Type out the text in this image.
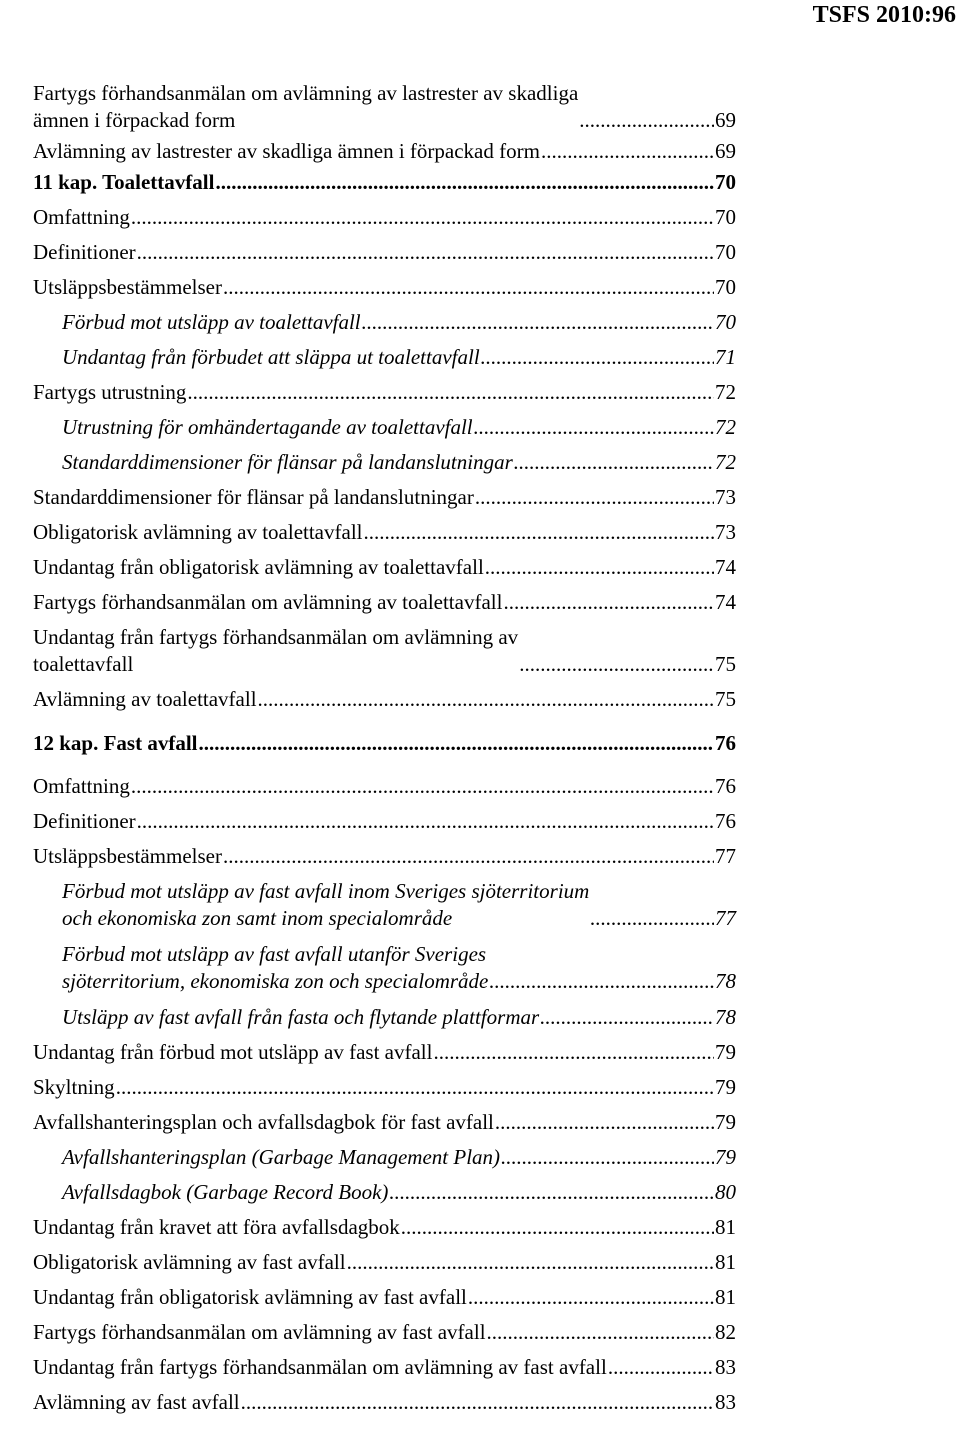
TSFS 2010:96
Fartygs förhandsanmälan om avlämning av lastrester av skadliga
ämnen i förpackad form .....	69
Avlämning av lastrester av skadliga ämnen i förpackad form .....	69
11 kap. Toalettavfall .....	70
Omfattning .....	70
Definitioner .....	70
Utsläppsbestämmelser .....	70
Förbud mot utsläpp av toalettavfall .....	70
Undantag från förbudet att släppa ut toalettavfall .....	71
Fartygs utrustning .....	72
Utrustning för omhändertagande av toalettavfall .....	72
Standarddimensioner för flänsar på landanslutningar .....	72
Standarddimensioner för flänsar på landanslutningar .....	73
Obligatorisk avlämning av toalettavfall .....	73
Undantag från obligatorisk avlämning av toalettavfall .....	74
Fartygs förhandsanmälan om avlämning av toalettavfall .....	74
Undantag från fartygs förhandsanmälan om avlämning av
toalettavfall .....	75
Avlämning av toalettavfall .....	75
12 kap. Fast avfall .....	76
Omfattning .....	76
Definitioner .....	76
Utsläppsbestämmelser .....	77
Förbud mot utsläpp av fast avfall inom Sveriges sjöterritorium
och ekonomiska zon samt inom specialområde .....	77
Förbud mot utsläpp av fast avfall utanför Sveriges
sjöterritorium, ekonomiska zon och specialområde .....	78
Utsläpp av fast avfall från fasta och flytande plattformar .....	78
Undantag från förbud mot utsläpp av fast avfall .....	79
Skyltning .....	79
Avfallshanteringsplan och avfallsdagbok för fast avfall .....	79
Avfallshanteringsplan (Garbage Management Plan) .....	79
Avfallsdagbok (Garbage Record Book) .....	80
Undantag från kravet att föra avfallsdagbok .....	81
Obligatorisk avlämning av fast avfall .....	81
Undantag från obligatorisk avlämning av fast avfall .....	81
Fartygs förhandsanmälan om avlämning av fast avfall .....	82
Undantag från fartygs förhandsanmälan om avlämning av fast avfall .....	83
Avlämning av fast avfall .....	83
